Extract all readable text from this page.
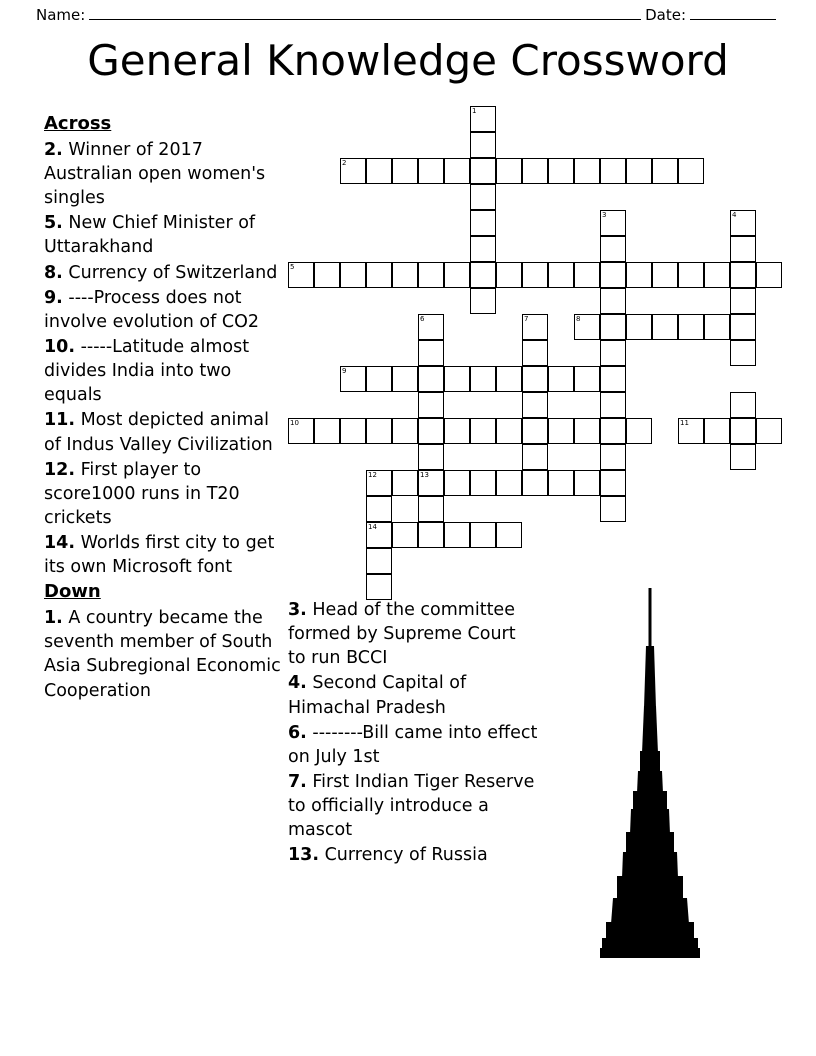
Name:	Date:
General Knowledge Crossword
Across
2. Winner of 2017 Australian open women's singles
5. New Chief Minister of Uttarakhand
8. Currency of Switzerland
9. ----Process does not involve evolution of CO2
10. -----Latitude almost divides India into two equals
11. Most depicted animal of Indus Valley Civilization
12. First player to score1000 runs in T20 crickets
14. Worlds first city to get its own Microsoft font
Down
1. A country became the seventh member of South Asia Subregional Economic Cooperation
3. Head of the committee formed by Supreme Court to run BCCI
4. Second Capital of Himachal Pradesh
6. --------Bill came into effect on July 1st
7. First Indian Tiger Reserve to officially introduce a mascot
13. Currency of Russia
1
2
3	4
5
6	7	8
9
10	11
12	13
14
